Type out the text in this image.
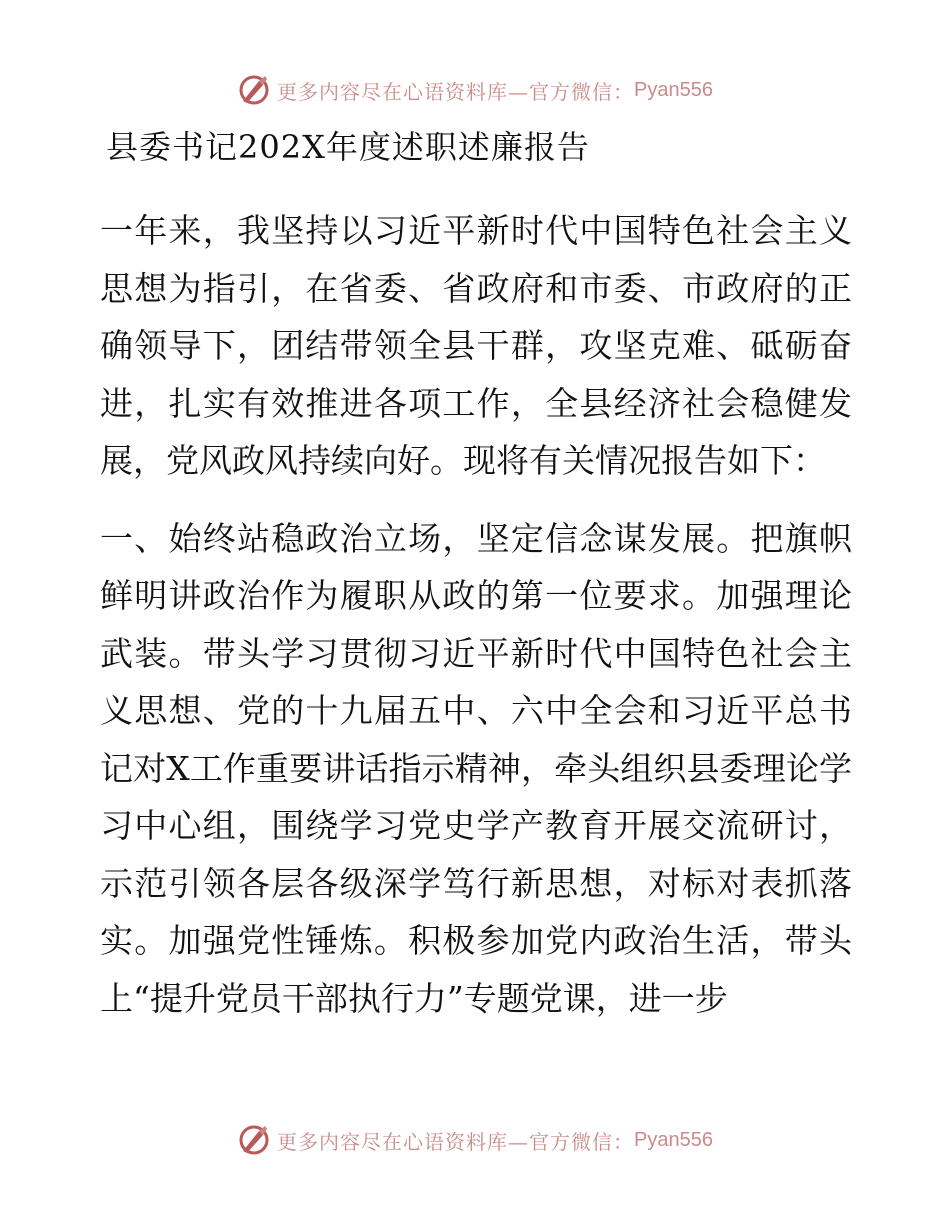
更多内容尽在心语资料库—官方微信： Pyan556
县委书记202X年度述职述廉报告

一年来，我坚持以习近平新时代中国特色社会主义思想为指引，在省委、省政府和市委、市政府的正确领导下，团结带领全县干群，攻坚克难、砥砺奋进，扎实有效推进各项工作，全县经济社会稳健发展，党风政风持续向好。现将有关情况报告如下：

一、始终站稳政治立场，坚定信念谋发展。把旗帜鲜明讲政治作为履职从政的第一位要求。加强理论武装。带头学习贯彻习近平新时代中国特色社会主义思想、党的十九届五中、六中全会和习近平总书记对X工作重要讲话指示精神，牵头组织县委理论学习中心组，围绕学习党史学产教育开展交流研讨，示范引领各层各级深学笃行新思想，对标对表抓落实。加强党性锤炼。积极参加党内政治生活，带头上“提升党员干部执行力”专题党课，进一步

更多内容尽在心语资料库—官方微信： Pyan556
